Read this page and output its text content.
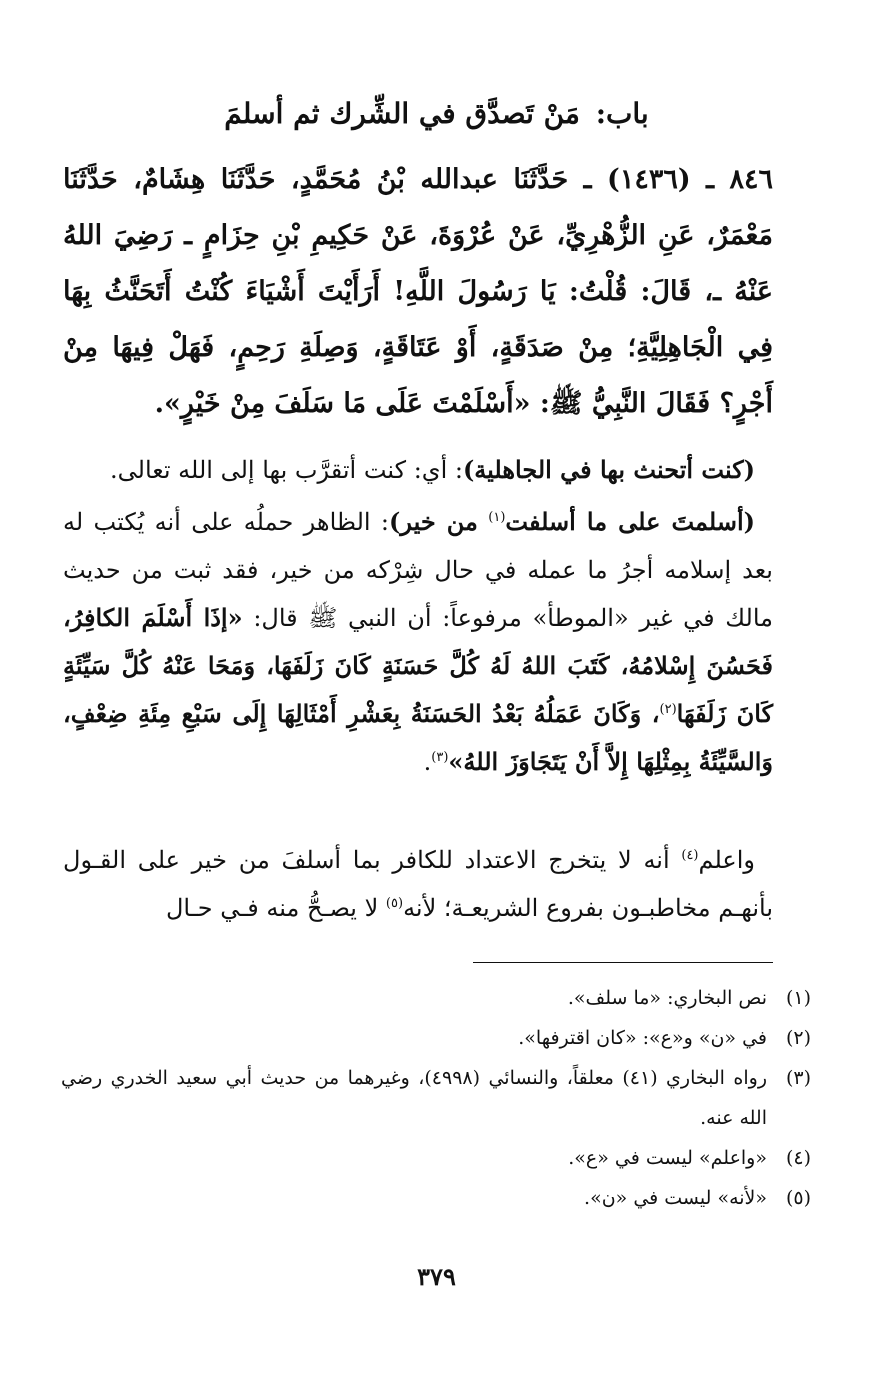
باب: مَنْ تَصدَّق في الشِّرك ثم أسلمَ
٨٤٦ ـ (١٤٣٦) ـ حَدَّثَنَا عبدالله بْنُ مُحَمَّدٍ، حَدَّثَنَا هِشَامٌ، حَدَّثَنَا مَعْمَرٌ، عَنِ الزُّهْرِيِّ، عَنْ عُرْوَةَ، عَنْ حَكِيمِ بْنِ حِزَامٍ ـ رَضِيَ اللهُ عَنْهُ ـ، قَالَ: قُلْتُ: يَا رَسُولَ اللَّهِ! أَرَأَيْتَ أَشْيَاءَ كُنْتُ أَتَحَنَّثُ بِهَا فِي الْجَاهِلِيَّةِ؛ مِنْ صَدَقَةٍ، أَوْ عَتَاقَةٍ، وَصِلَةِ رَحِمٍ، فَهَلْ فِيهَا مِنْ أَجْرٍ؟ فَقَالَ النَّبِيُّ ﷺ: «أَسْلَمْتَ عَلَى مَا سَلَفَ مِنْ خَيْرٍ».
(كنت أتحنث بها في الجاهلية): أي: كنت أتقرَّب بها إلى الله تعالى.
(أسلمتَ على ما أسلفت$^{(١)}$ من خير): الظاهر حملُه على أنه يُكتب له بعد إسلامه أجرُ ما عمله في حال شِرْكه من خير، فقد ثبت من حديث مالك في غير «الموطأ» مرفوعاً: أن النبي ﷺ قال: «إذَا أَسْلَمَ الكافِرُ، فَحَسُنَ إِسْلامُهُ، كَتَبَ اللهُ لَهُ كُلَّ حَسَنَةٍ كَانَ زَلَفَهَا، وَمَحَا عَنْهُ كُلَّ سَيِّئَةٍ كَانَ زَلَفَهَا$^{(٢)}$، وَكَانَ عَمَلُهُ بَعْدُ الحَسَنَةُ بِعَشْرِ أَمْثَالِهَا إِلَى سَبْعِ مِئَةِ ضِعْفٍ، وَالسَّيِّئَةُ بِمِثْلِهَا إِلاَّ أَنْ يَتَجَاوَزَ اللهُ»$^{(٣)}$.
واعلم$^{(٤)}$ أنه لا يتخرج الاعتداد للكافر بما أسلفَ من خير على القـول بأنهـم مخاطبـون بفروع الشريعـة؛ لأنه$^{(٥)}$ لا يصـحُّ منه فـي حـال
(١)
نص البخاري: «ما سلف».
(٢)
في «ن» و«ع»: «كان اقترفها».
(٣)
رواه البخاري (٤١) معلقاً، والنسائي (٤٩٩٨)، وغيرهما من حديث أبي سعيد الخدري رضي الله عنه.
(٤)
«واعلم» ليست في «ع».
(٥)
«لأنه» ليست في «ن».
٣٧٩
